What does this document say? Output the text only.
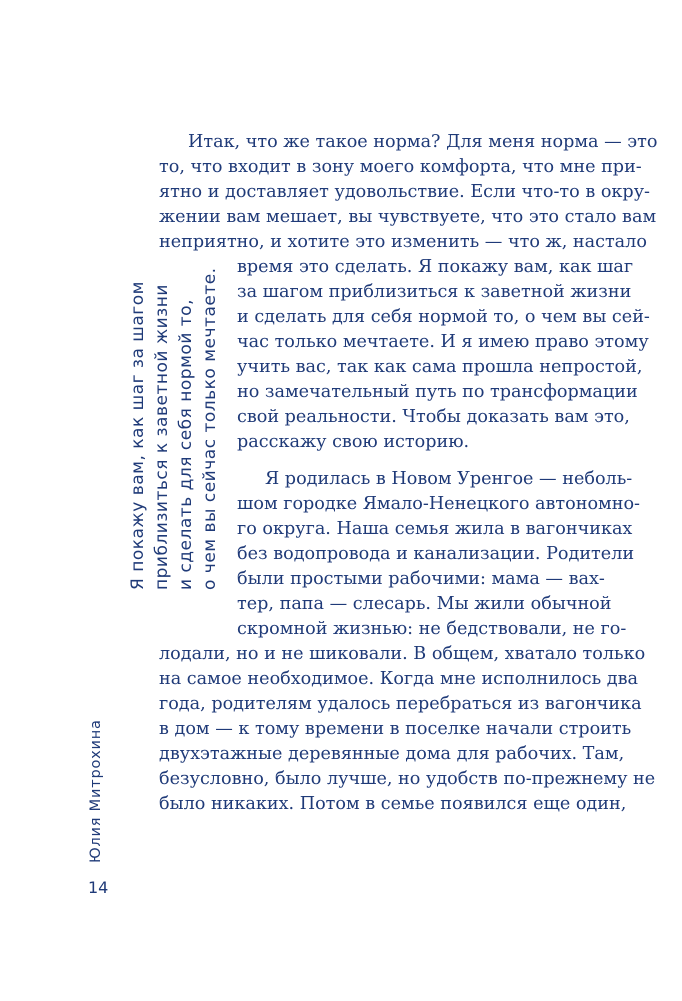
Итак, что же такое норма? Для меня норма — это
то, что входит в зону моего комфорта, что мне при-
ятно и доставляет удовольствие. Если что-то в окру-
жении вам мешает, вы чувствуете, что это стало вам
неприятно, и хотите это изменить — что ж, настало
время это сделать. Я покажу вам, как шаг
за шагом приблизиться к заветной жизни
и сделать для себя нормой то, о чем вы сей-
час только мечтаете. И я имею право этому
учить вас, так как сама прошла непростой,
но замечательный путь по трансформации
свой реальности. Чтобы доказать вам это,
расскажу свою историю.
Я родилась в Новом Уренгое — неболь-
шом городке Ямало-Ненецкого автономно-
го округа. Наша семья жила в вагончиках
без водопровода и канализации. Родители
были простыми рабочими: мама — вах-
тер, папа — слесарь. Мы жили обычной
скромной жизнью: не бедствовали, не го-
лодали, но и не шиковали. В общем, хватало только
на самое необходимое. Когда мне исполнилось два
года, родителям удалось перебраться из вагончика
в дом — к тому времени в поселке начали строить
двухэтажные деревянные дома для рабочих. Там,
безусловно, было лучше, но удобств по-прежнему не
было никаких. Потом в семье появился еще один,
Я покажу вам, как шаг за шагом приблизиться к заветной жизни и сделать для себя нормой то, о чем вы сейчас только мечтаете.
Юлия Митрохина
14
